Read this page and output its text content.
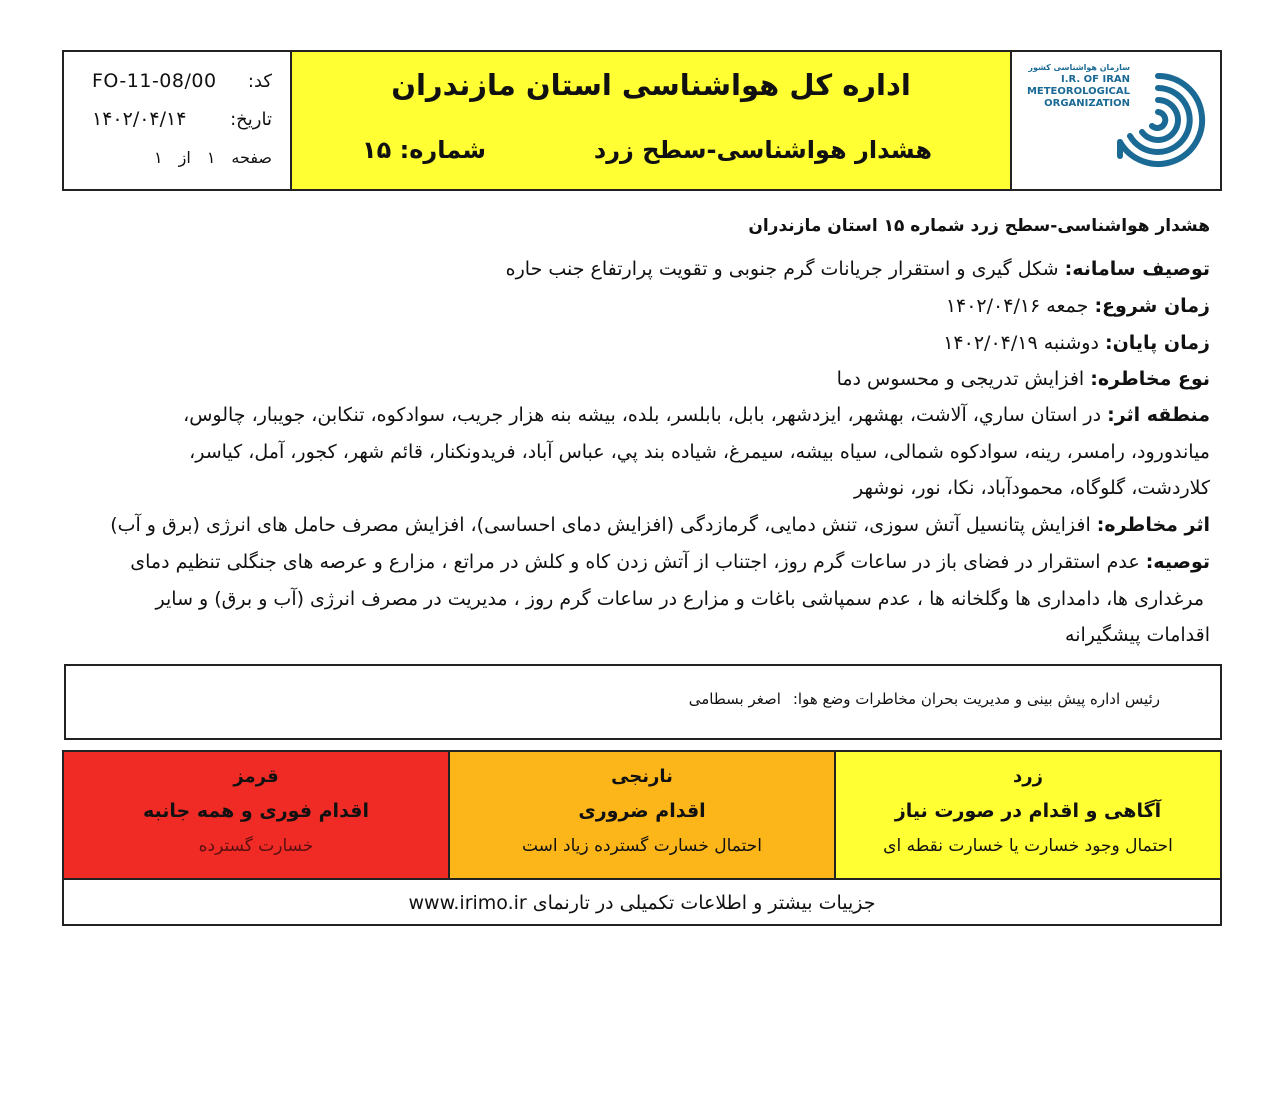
FO-11-08/00 کد:
۱۴۰۲/۰۴/۱۴ تاریخ:
صفحه
۱
از
۱
اداره کل هواشناسی استان مازندران
هشدار هواشناسی-سطح زرد
شماره: ۱۵
سازمان هواشناسی کشور
I.R. OF IRAN
METEOROLOGICAL
ORGANIZATION
هشدار هواشناسی-سطح زرد شماره ۱۵ استان مازندران
توصیف سامانه: شکل گیری و استقرار جریانات گرم جنوبی و تقویت پرارتفاع جنب حاره
زمان شروع: جمعه ۱۴۰۲/۰۴/۱۶
زمان پایان: دوشنبه ۱۴۰۲/۰۴/۱۹
نوع مخاطره: افزایش تدریجی و محسوس دما
منطقه اثر: در استان ساري، آلاشت، بهشهر، ایزدشهر، بابل، بابلسر، بلده، بیشه بنه هزار جریب، سوادکوه، تنکابن، جویبار، چالوس،
میاندورود، رامسر، رینه، سوادکوه شمالی، سیاه بیشه، سیمرغ، شیاده بند پي، عباس آباد، فریدونکنار، قائم شهر، کجور، آمل، کیاسر،
کلاردشت، گلوگاه، محمودآباد، نکا، نور، نوشهر
اثر مخاطره: افزایش پتانسیل آتش سوزی، تنش دمایی، گرمازدگی (افزایش دمای احساسی)، افزایش مصرف حامل های انرژی (برق و آب)
توصیه: عدم استقرار در فضای باز در ساعات گرم روز، اجتناب از آتش زدن کاه و کلش در مراتع ، مزارع و عرصه های جنگلی تنظیم دمای
مرغداری ها، دامداری ها وگلخانه ها ، عدم سمپاشی باغات و مزارع در ساعات گرم روز ، مدیریت در مصرف انرژی (آب و برق) و سایر
اقدامات پیشگیرانه
رئیس اداره پیش بینی و مدیریت بحران مخاطرات وضع هوا:اصغر بسطامی
قرمز
اقدام فوری و همه جانبه
خسارت گسترده
نارنجی
اقدام ضروری
احتمال خسارت گسترده زیاد است
زرد
آگاهی و اقدام در صورت نیاز
احتمال وجود خسارت یا خسارت نقطه ای
جزییات بیشتر و اطلاعات تکمیلی در تارنمای www.irimo.ir
